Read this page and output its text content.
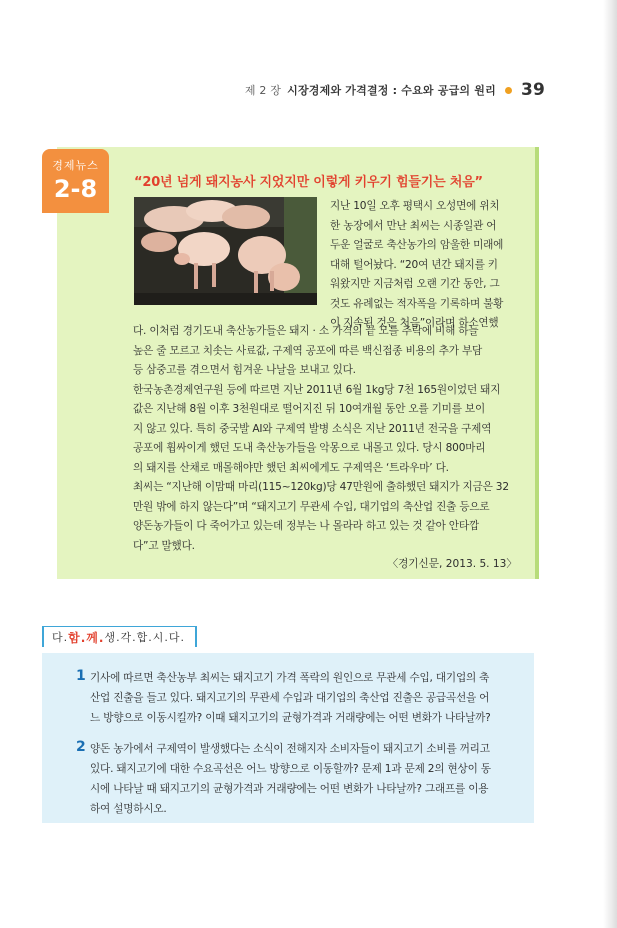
제 2 장 시장경제와 가격결정 : 수요와 공급의 원리 39
경제뉴스
2-8	“20년 넘게 돼지농사 지었지만 이렇게 키우기 힘들기는 처음”
지난 10일 오후 평택시 오성면에 위치
한 농장에서 만난 최씨는 시종일관 어
두운 얼굴로 축산농가의 암울한 미래에
대해 털어놨다. “20여 년간 돼지를 키
워왔지만 지금처럼 오랜 기간 동안, 그
것도 유례없는 적자폭을 기록하며 불황
이 지속된 것은 처음”이라며 하소연했
다. 이처럼 경기도내 축산농가들은 돼지 · 소 가격의 끝 모를 추락에 비해 하늘
높은 줄 모르고 치솟는 사료값, 구제역 공포에 따른 백신접종 비용의 추가 부담
등 삼중고를 겪으면서 힘겨운 나날을 보내고 있다.
한국농촌경제연구원 등에 따르면 지난 2011년 6월 1kg당 7천 165원이었던 돼지
값은 지난해 8월 이후 3천원대로 떨어지진 뒤 10여개월 동안 오를 기미를 보이
지 않고 있다. 특히 중국발 AI와 구제역 발병 소식은 지난 2011년 전국을 구제역
공포에 휩싸이게 했던 도내 축산농가들을 악몽으로 내몰고 있다. 당시 800마리
의 돼지를 산채로 매몰해야만 했던 최씨에게도 구제역은 ‘트라우마’ 다.
최씨는 “지난해 이맘때 마리(115~120kg)당 47만원에 출하했던 돼지가 지금은 32
만원 밖에 하지 않는다”며 “돼지고기 무관세 수입, 대기업의 축산업 진출 등으로
양돈농가들이 다 죽어가고 있는데 정부는 나 몰라라 하고 있는 것 같아 안타깝
다”고 말했다.
〈경기신문, 2013. 5. 13〉
다. 함. 께. 생.각.합.시.다.
1 기사에 따르면 축산농부 최씨는 돼지고기 가격 폭락의 원인으로 무관세 수입, 대기업의 축
산업 진출을 들고 있다. 돼지고기의 무관세 수입과 대기업의 축산업 진출은 공급곡선을 어
느 방향으로 이동시킬까? 이때 돼지고기의 균형가격과 거래량에는 어떤 변화가 나타날까?
2 양돈 농가에서 구제역이 발생했다는 소식이 전해지자 소비자들이 돼지고기 소비를 꺼리고
있다. 돼지고기에 대한 수요곡선은 어느 방향으로 이동할까? 문제 1과 문제 2의 현상이 동
시에 나타날 때 돼지고기의 균형가격과 거래량에는 어떤 변화가 나타날까? 그래프를 이용
하여 설명하시오.
